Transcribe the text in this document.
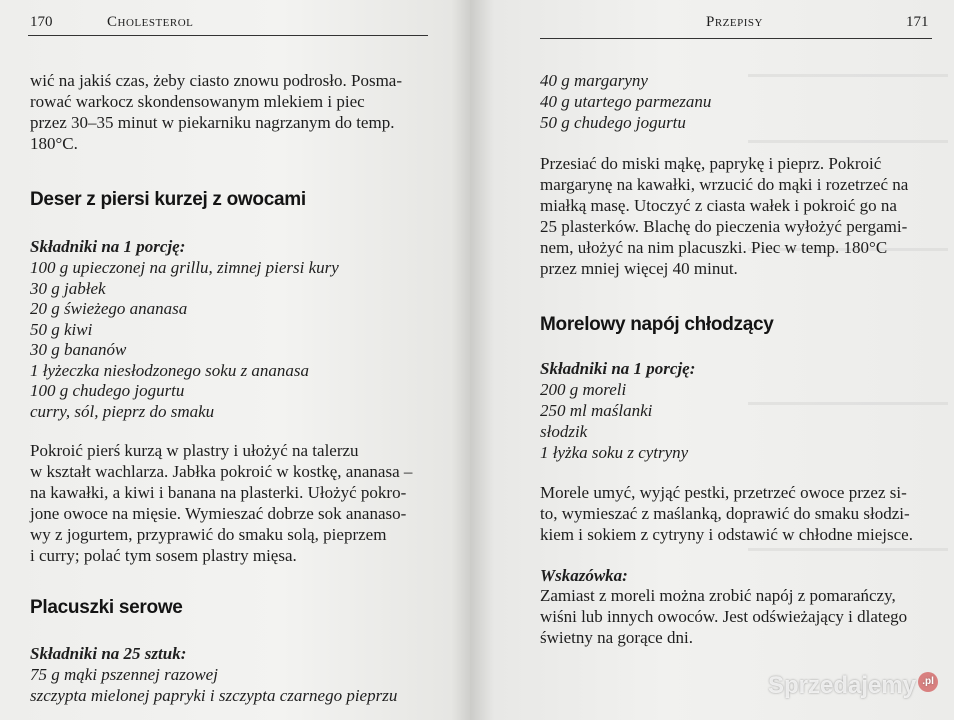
170	Cholesterol
wić na jakiś czas, żeby ciasto znowu podrosło. Posma-
rować warkocz skondensowanym mlekiem i piec
przez 30–35 minut w piekarniku nagrzanym do temp.
180°C.
Deser z piersi kurzej z owocami
Składniki na 1 porcję:
100 g upieczonej na grillu, zimnej piersi kury
30 g jabłek
20 g świeżego ananasa
50 g kiwi
30 g bananów
1 łyżeczka niesłodzonego soku z ananasa
100 g chudego jogurtu
curry, sól, pieprz do smaku
Pokroić pierś kurzą w plastry i ułożyć na talerzu
w kształt wachlarza. Jabłka pokroić w kostkę, ananasa –
na kawałki, a kiwi i banana na plasterki. Ułożyć pokro-
jone owoce na mięsie. Wymieszać dobrze sok ananaso-
wy z jogurtem, przyprawić do smaku solą, pieprzem
i curry; polać tym sosem plastry mięsa.
Placuszki serowe
Składniki na 25 sztuk:
75 g mąki pszennej razowej
szczypta mielonej papryki i szczypta czarnego pieprzu
Przepisy	171
40 g margaryny
40 g utartego parmezanu
50 g chudego jogurtu
Przesiać do miski mąkę, paprykę i pieprz. Pokroić
margarynę na kawałki, wrzucić do mąki i rozetrzeć na
miałką masę. Utoczyć z ciasta wałek i pokroić go na
25 plasterków. Blachę do pieczenia wyłożyć pergami-
nem, ułożyć na nim placuszki. Piec w temp. 180°C
przez mniej więcej 40 minut.
Morelowy napój chłodzący
Składniki na 1 porcję:
200 g moreli
250 ml maślanki
słodzik
1 łyżka soku z cytryny
Morele umyć, wyjąć pestki, przetrzeć owoce przez si-
to, wymieszać z maślanką, doprawić do smaku słodzi-
kiem i sokiem z cytryny i odstawić w chłodne miejsce.
Wskazówka:
Zamiast z moreli można zrobić napój z pomarańczy,
wiśni lub innych owoców. Jest odświeżający i dlatego
świetny na gorące dni.
Sprzedajemy .pl
